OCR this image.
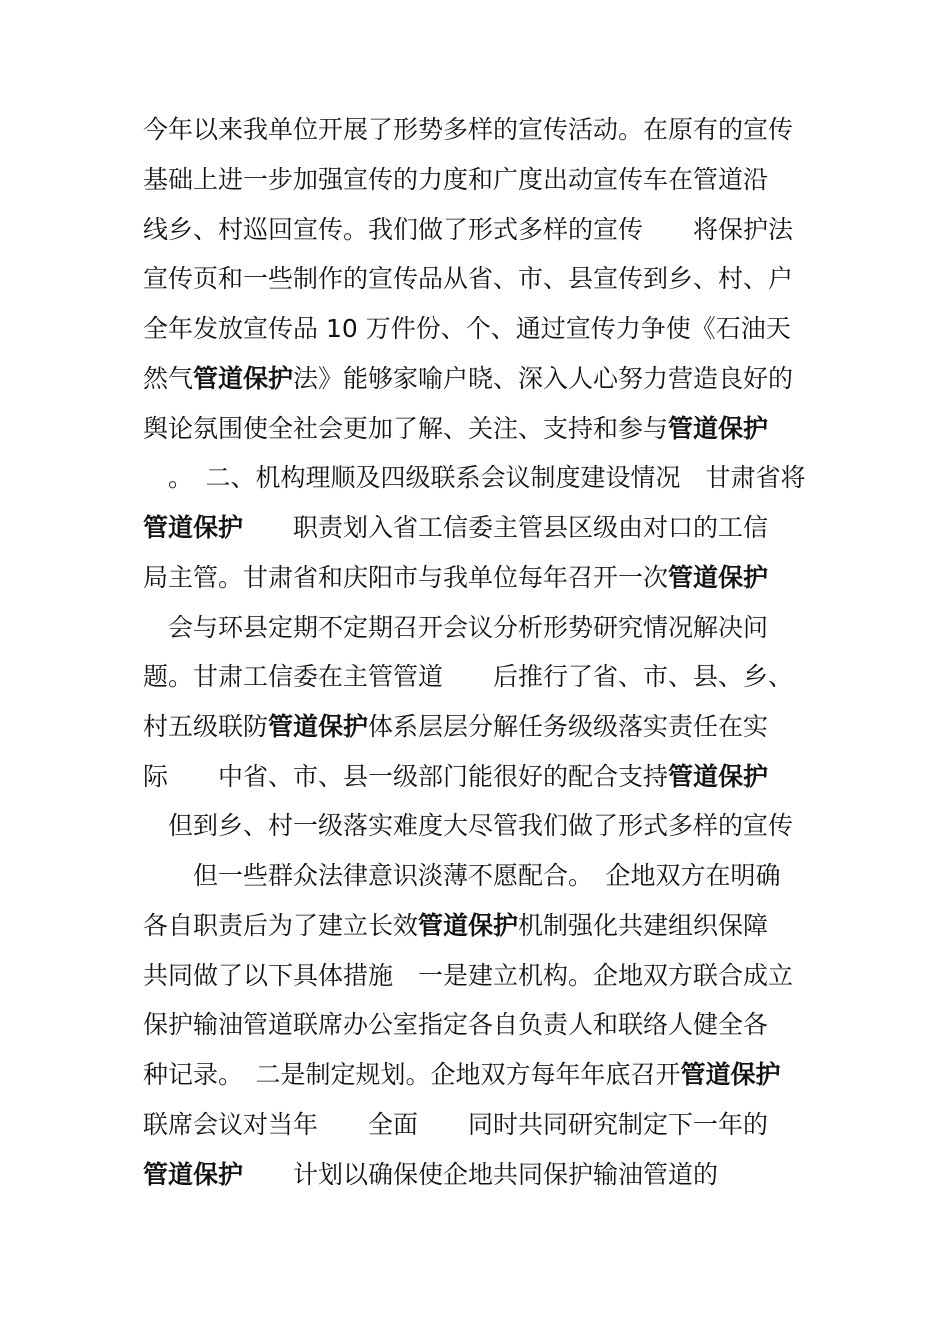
今年以来我单位开展了形势多样的宣传活动。在原有的宣传
基础上进一步加强宣传的力度和广度出动宣传车在管道沿
线乡、村巡回宣传。我们做了形式多样的宣传　　将保护法
宣传页和一些制作的宣传品从省、市、县宣传到乡、村、户
全年发放宣传品 10 万件份、个、通过宣传力争使《石油天
然气管道保护法》能够家喻户晓、深入人心努力营造良好的
舆论氛围使全社会更加了解、关注、支持和参与管道保护
　。　二、机构理顺及四级联系会议制度建设情况　甘肃省将
管道保护　　职责划入省工信委主管县区级由对口的工信
局主管。甘肃省和庆阳市与我单位每年召开一次管道保护
　会与环县定期不定期召开会议分析形势研究情况解决问
题。甘肃工信委在主管管道　　后推行了省、市、县、乡、
村五级联防管道保护体系层层分解任务级级落实责任在实
际　　中省、市、县一级部门能很好的配合支持管道保护
　但到乡、村一级落实难度大尽管我们做了形式多样的宣传
　　但一些群众法律意识淡薄不愿配合。　企地双方在明确
各自职责后为了建立长效管道保护机制强化共建组织保障
共同做了以下具体措施　一是建立机构。企地双方联合成立
保护输油管道联席办公室指定各自负责人和联络人健全各
种记录。　二是制定规划。企地双方每年年底召开管道保护
联席会议对当年　　全面　　同时共同研究制定下一年的
管道保护　　计划以确保使企地共同保护输油管道的
